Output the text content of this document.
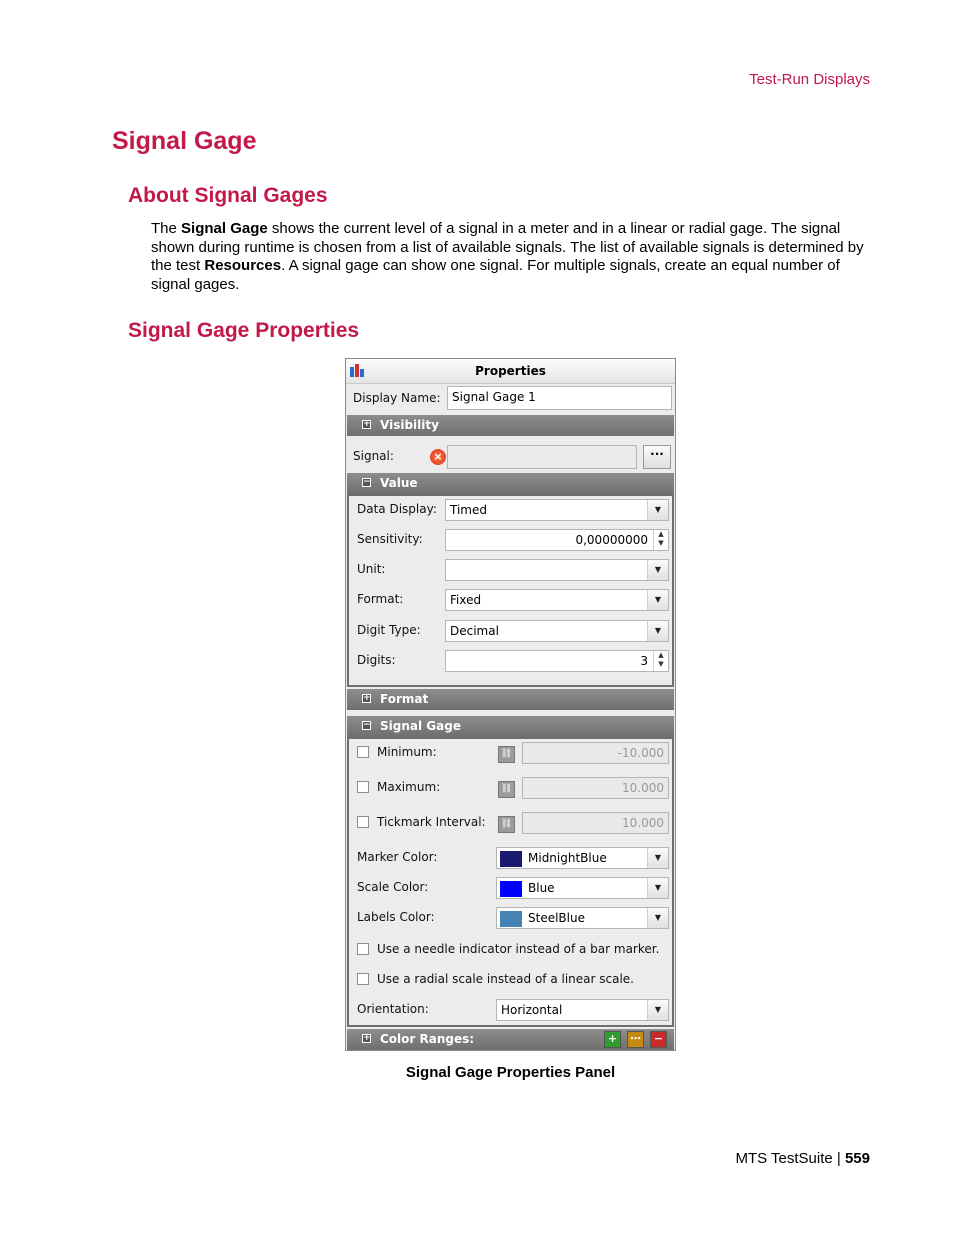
Test-Run Displays
Signal Gage
About Signal Gages

The Signal Gage shows the current level of a signal in a meter and in a linear or radial gage. The signal shown during runtime is chosen from a list of available signals. The list of available signals is determined by the test Resources. A signal gage can show one signal. For multiple signals, create an equal number of signal gages.

Signal Gage Properties
Properties
Display Name: Signal Gage 1
+ Visibility
Signal:	×	···
− Value
Data Display:	Timed	▼
Sensitivity:	0,00000000	▲
▼
Unit:	▼
Format:	Fixed	▼
Digit Type:	Decimal	▼
Digits:	3	▲
▼
+ Format
− Signal Gage
Minimum:	⛓	-10.000
Maximum:	⛓	10.000
Tickmark Interval:	⛓	10.000
Marker Color:	MidnightBlue	▼
Scale Color:	Blue	▼
Labels Color:	SteelBlue	▼
Use a needle indicator instead of a bar marker.
Use a radial scale instead of a linear scale.
Orientation:	Horizontal	▼
+ Color Ranges:	+	⋯	−
Signal Gage Properties Panel
MTS TestSuite | 559
